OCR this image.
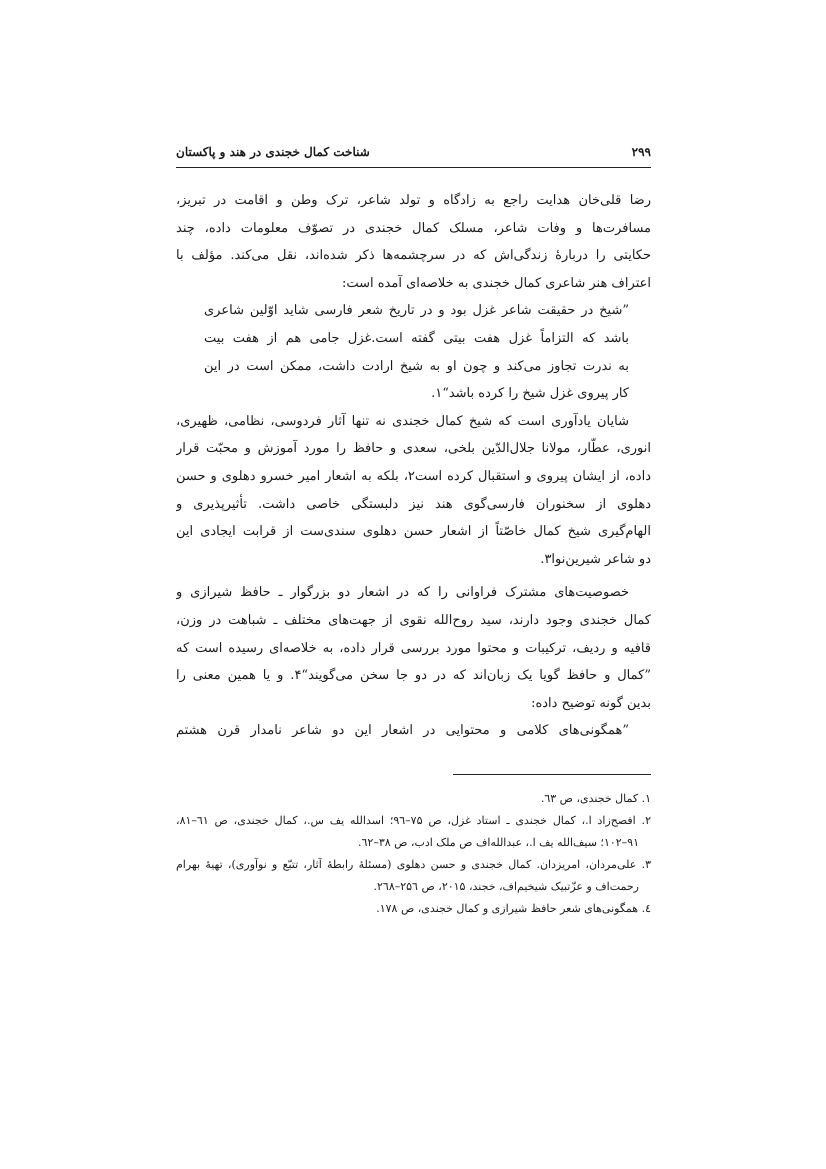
۲۹۹
شناخت کمال خجندی در هند و پاکستان
رضا قلی‌خان هدایت راجع به زادگاه و تولد شاعر، ترک وطن و اقامت در تبریز،
مسافرت‌ها و وفات شاعر، مسلک کمال خجندی در تصوّف معلومات داده، چند
حکایتی را دربارهٔ زندگی‌اش که در سرچشمه‌ها ذکر شده‌اند، نقل می‌کند. مؤلف با
اعتراف هنر شاعری کمال خجندی به خلاصه‌ای آمده است:
”شیخ در حقیقت شاعر غزل بود و در تاریخ شعر فارسی شاید اوّلین شاعری
باشد که التزاماً غزل هفت بیتی گفته است.غزل جامی هم از هفت بیت
به ندرت تجاوز می‌کند و چون او به شیخ ارادت داشت، ممکن است در این
کار پیروی غزل شیخ را کرده باشد“۱.
شایان یادآوری است که شیخ کمال خجندی نه تنها آثار فردوسی، نظامی، ظهیری،
انوری، عطّار، مولانا جلال‌الدّین بلخی، سعدی و حافظ را مورد آموزش و محبّت قرار
داده، از ایشان پیروی و استقبال کرده است۲، بلکه به اشعار امیر خسرو دهلوی و حسن
دهلوی از سخنوران فارسی‌گوی هند نیز دلبستگی خاصی داشت. تأثیرپذیری و
الهام‌گیری شیخ کمال خاصّتاً از اشعار حسن دهلوی سندی‌ست از قرابت ایجادی این
دو شاعر شیرین‌نوا۳.
خصوصیت‌های مشترک فراوانی را که در اشعار دو بزرگوار ـ حافظ شیرازی و
کمال خجندی وجود دارند، سید روح‌الله نقوی از جهت‌های مختلف ـ شباهت در وزن،
قافیه و ردیف، ترکیبات و محتوا مورد بررسی قرار داده، به خلاصه‌ای رسیده است که
”کمال و حافظ گویا یک زبان‌اند که در دو جا سخن می‌گویند“۴. و یا همین معنی را
بدین گونه توضیح داده:
”همگونی‌های کلامی و محتوایی در اشعار این دو شاعر نامدار قرن هشتم
۱. کمال خجندی، ص ٦٣.
۲. افصح‌زاد ا.، کمال خجندی ـ استاد غزل، ص ۷۵–۹٦؛ اسدالله یف س.، کمال خجندی، ص ٦۱–۸۱،
۹۱–۱۰۲؛ سیف‌الله یف ا.، عبدالله‌اف ص ملک ادب، ص ۳۸–٦۲.
۳. علی‌مردان، امریزدان. کمال خجندی و حسن دهلوی (مسئلهٔ رابطهٔ آثار، تتبّع و نوآوری)، تهیهٔ بهرام
رحمت‌اف و عزّتبیک شیخیم‌اف، خجند، ۲۰۱۵، ص ۲۵٦–۲٦۸.
٤. همگونی‌های شعر حافظ شیرازی و کمال خجندی، ص ۱۷۸.
